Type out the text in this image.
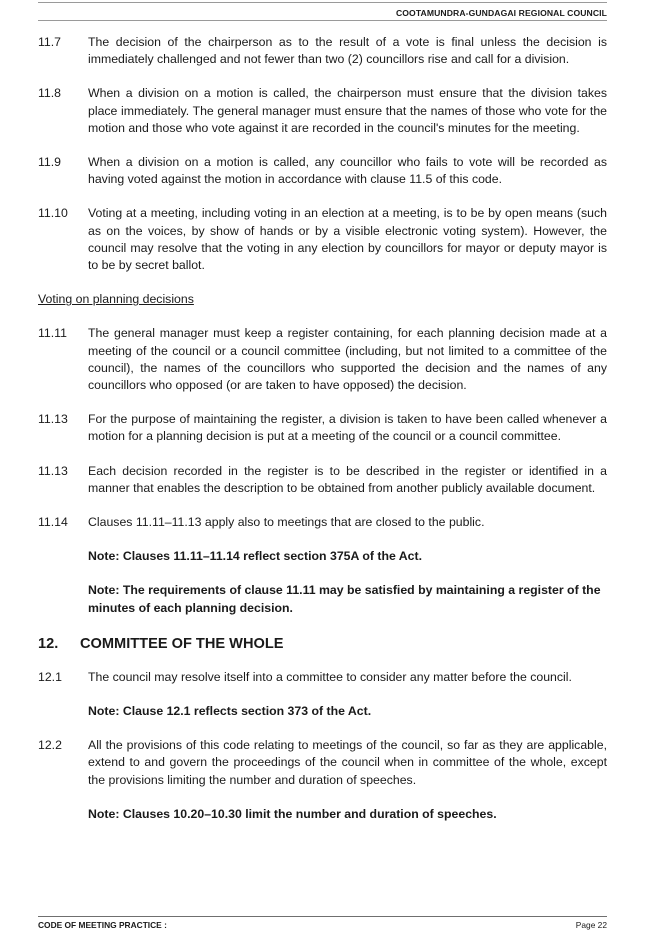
COOTAMUNDRA-GUNDAGAI REGIONAL COUNCIL
11.7	The decision of the chairperson as to the result of a vote is final unless the decision is immediately challenged and not fewer than two (2) councillors rise and call for a division.
11.8	When a division on a motion is called, the chairperson must ensure that the division takes place immediately. The general manager must ensure that the names of those who vote for the motion and those who vote against it are recorded in the council's minutes for the meeting.
11.9	When a division on a motion is called, any councillor who fails to vote will be recorded as having voted against the motion in accordance with clause 11.5 of this code.
11.10	Voting at a meeting, including voting in an election at a meeting, is to be by open means (such as on the voices, by show of hands or by a visible electronic voting system). However, the council may resolve that the voting in any election by councillors for mayor or deputy mayor is to be by secret ballot.
Voting on planning decisions
11.11	The general manager must keep a register containing, for each planning decision made at a meeting of the council or a council committee (including, but not limited to a committee of the council), the names of the councillors who supported the decision and the names of any councillors who opposed (or are taken to have opposed) the decision.
11.13	For the purpose of maintaining the register, a division is taken to have been called whenever a motion for a planning decision is put at a meeting of the council or a council committee.
11.13	Each decision recorded in the register is to be described in the register or identified in a manner that enables the description to be obtained from another publicly available document.
11.14	Clauses 11.11–11.13 apply also to meetings that are closed to the public.
Note: Clauses 11.11–11.14 reflect section 375A of the Act.
Note: The requirements of clause 11.11 may be satisfied by maintaining a register of the minutes of each planning decision.
12.	COMMITTEE OF THE WHOLE
12.1	The council may resolve itself into a committee to consider any matter before the council.
Note: Clause 12.1 reflects section 373 of the Act.
12.2	All the provisions of this code relating to meetings of the council, so far as they are applicable, extend to and govern the proceedings of the council when in committee of the whole, except the provisions limiting the number and duration of speeches.
Note: Clauses 10.20–10.30 limit the number and duration of speeches.
CODE OF MEETING PRACTICE :	Page 22
